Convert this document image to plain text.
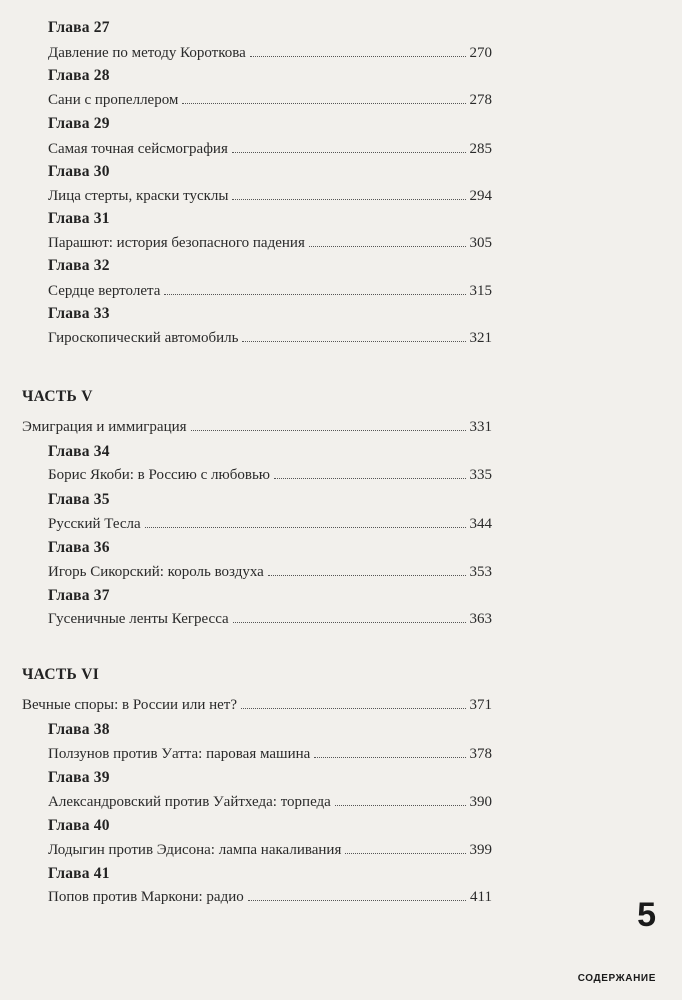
Глава 27
Давление по методу Короткова	270
Глава 28
Сани с пропеллером	278
Глава 29
Самая точная сейсмография	285
Глава 30
Лица стерты, краски тусклы	294
Глава 31
Парашют: история безопасного падения	305
Глава 32
Сердце вертолета	315
Глава 33
Гироскопический автомобиль	321
ЧАСТЬ V
Эмиграция и иммиграция	331
Глава 34
Борис Якоби: в Россию с любовью	335
Глава 35
Русский Тесла	344
Глава 36
Игорь Сикорский: король воздуха	353
Глава 37
Гусеничные ленты Кегресса	363
ЧАСТЬ VI
Вечные споры: в России или нет?	371
Глава 38
Ползунов против Уатта: паровая машина	378
Глава 39
Александровский против Уайтхеда: торпеда	390
Глава 40
Лодыгин против Эдисона: лампа накаливания	399
Глава 41
Попов против Маркони: радио	411	5
СОДЕРЖАНИЕ
